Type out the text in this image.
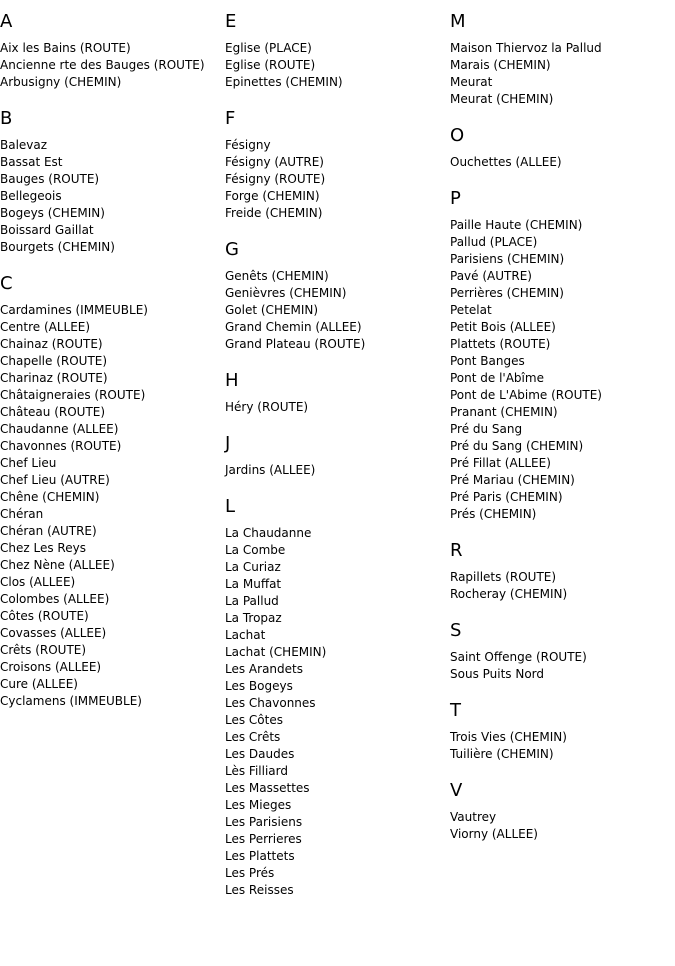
A
Aix les Bains (ROUTE)
Ancienne rte des Bauges (ROUTE)
Arbusigny (CHEMIN)
B
Balevaz
Bassat Est
Bauges (ROUTE)
Bellegeois
Bogeys (CHEMIN)
Boissard Gaillat
Bourgets (CHEMIN)
C
Cardamines (IMMEUBLE)
Centre (ALLEE)
Chainaz (ROUTE)
Chapelle (ROUTE)
Charinaz (ROUTE)
Châtaigneraies (ROUTE)
Château (ROUTE)
Chaudanne (ALLEE)
Chavonnes (ROUTE)
Chef Lieu
Chef Lieu (AUTRE)
Chêne (CHEMIN)
Chéran
Chéran (AUTRE)
Chez Les Reys
Chez Nène (ALLEE)
Clos (ALLEE)
Colombes (ALLEE)
Côtes (ROUTE)
Covasses (ALLEE)
Crêts (ROUTE)
Croisons (ALLEE)
Cure (ALLEE)
Cyclamens (IMMEUBLE)
E
Eglise (PLACE)
Eglise (ROUTE)
Epinettes (CHEMIN)
F
Fésigny
Fésigny (AUTRE)
Fésigny (ROUTE)
Forge (CHEMIN)
Freide (CHEMIN)
G
Genêts (CHEMIN)
Genièvres (CHEMIN)
Golet (CHEMIN)
Grand Chemin (ALLEE)
Grand Plateau (ROUTE)
H
Héry (ROUTE)
J
Jardins (ALLEE)
L
La Chaudanne
La Combe
La Curiaz
La Muffat
La Pallud
La Tropaz
Lachat
Lachat (CHEMIN)
Les Arandets
Les Bogeys
Les Chavonnes
Les Côtes
Les Crêts
Les Daudes
Lès Filliard
Les Massettes
Les Mieges
Les Parisiens
Les Perrieres
Les Plattets
Les Prés
Les Reisses
M
Maison Thiervoz la Pallud
Marais (CHEMIN)
Meurat
Meurat (CHEMIN)
O
Ouchettes (ALLEE)
P
Paille Haute (CHEMIN)
Pallud (PLACE)
Parisiens (CHEMIN)
Pavé (AUTRE)
Perrières (CHEMIN)
Petelat
Petit Bois (ALLEE)
Plattets (ROUTE)
Pont Banges
Pont de l'Abîme
Pont de L'Abime (ROUTE)
Pranant (CHEMIN)
Pré du Sang
Pré du Sang (CHEMIN)
Pré Fillat (ALLEE)
Pré Mariau (CHEMIN)
Pré Paris (CHEMIN)
Prés (CHEMIN)
R
Rapillets (ROUTE)
Rocheray (CHEMIN)
S
Saint Offenge (ROUTE)
Sous Puits Nord
T
Trois Vies (CHEMIN)
Tuilière (CHEMIN)
V
Vautrey
Viorny (ALLEE)
